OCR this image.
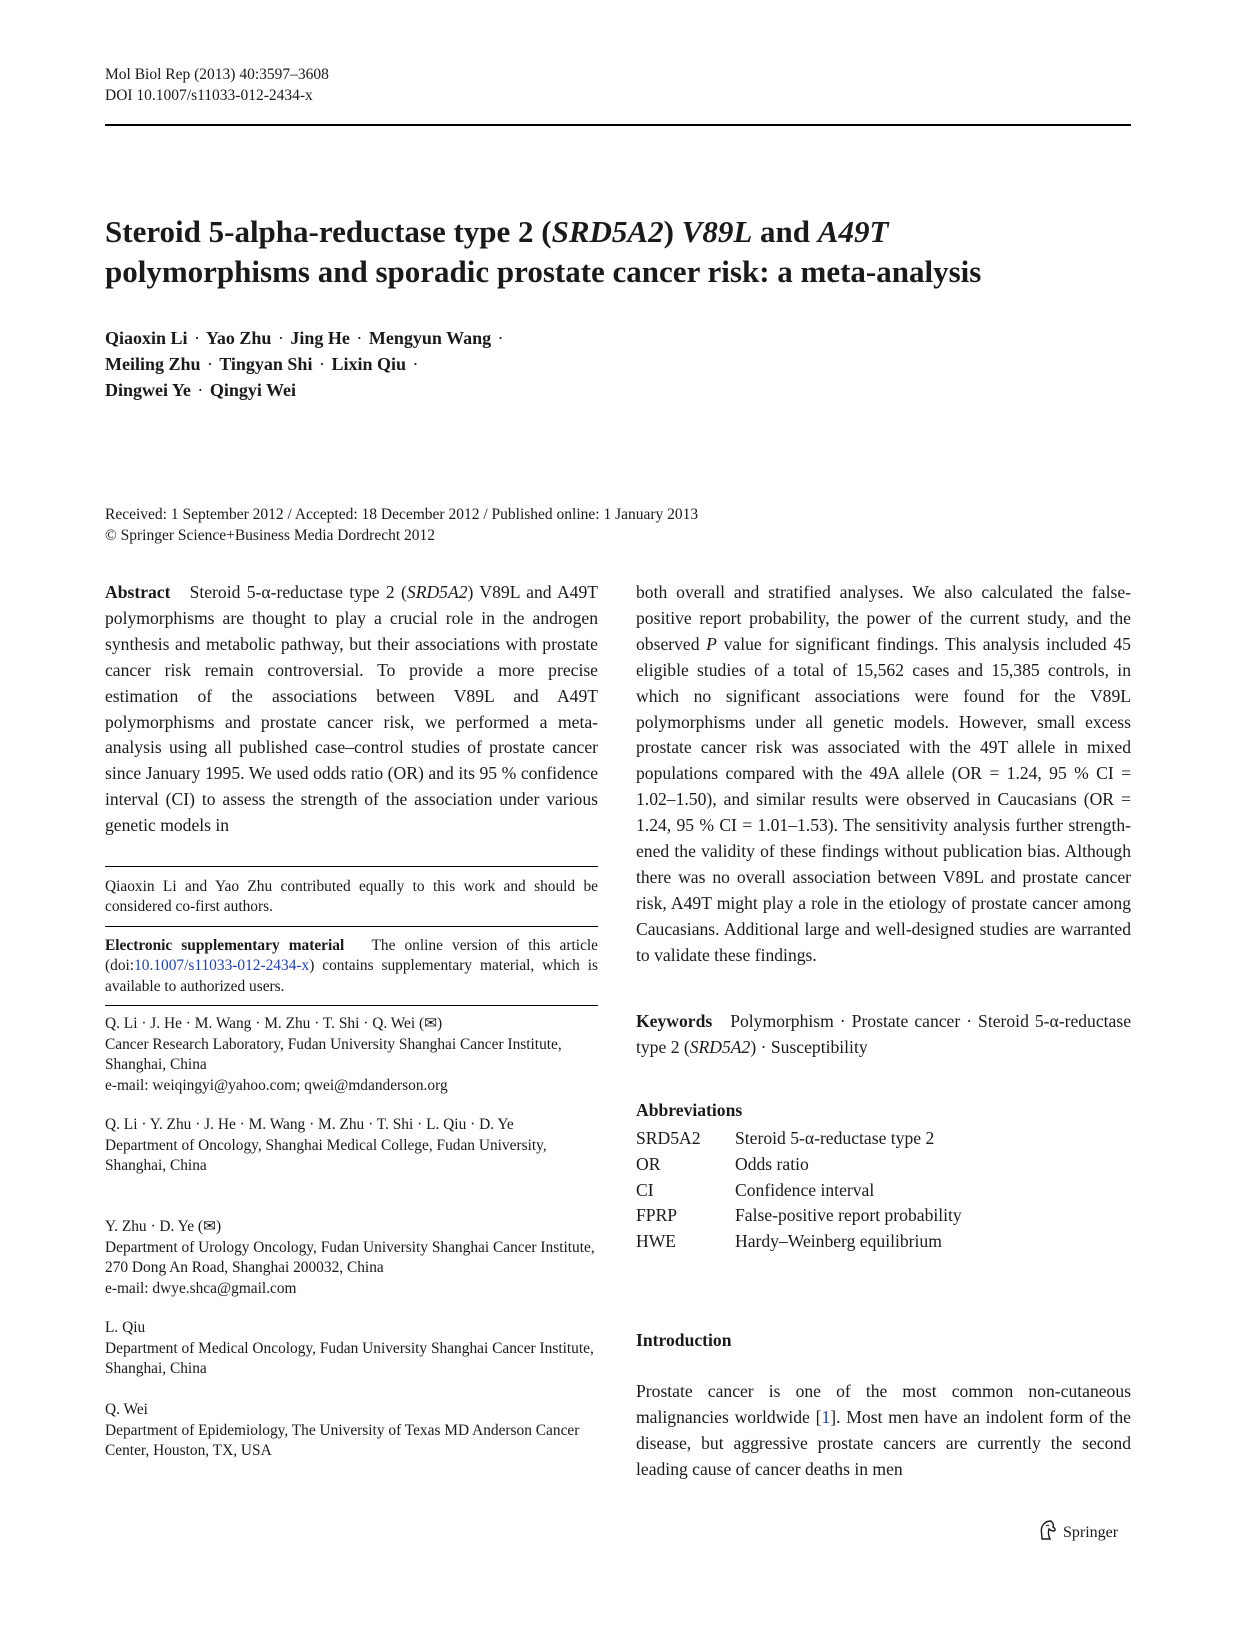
Mol Biol Rep (2013) 40:3597–3608
DOI 10.1007/s11033-012-2434-x
Steroid 5-alpha-reductase type 2 (SRD5A2) V89L and A49T
polymorphisms and sporadic prostate cancer risk: a meta-analysis
Qiaoxin Li · Yao Zhu · Jing He · Mengyun Wang ·
Meiling Zhu · Tingyan Shi · Lixin Qiu ·
Dingwei Ye · Qingyi Wei
Received: 1 September 2012 / Accepted: 18 December 2012 / Published online: 1 January 2013
© Springer Science+Business Media Dordrecht 2012
Abstract Steroid 5-α-reductase type 2 (SRD5A2) V89L and A49T polymorphisms are thought to play a crucial role in the androgen synthesis and metabolic pathway, but their associations with prostate cancer risk remain controversial. To provide a more precise estimation of the associations between V89L and A49T polymorphisms and prostate cancer risk, we performed a meta-analysis using all published case–control studies of prostate cancer since January 1995. We used odds ratio (OR) and its 95 % confidence interval (CI) to assess the strength of the association under various genetic models in
Qiaoxin Li and Yao Zhu contributed equally to this work and should be considered co-first authors.
Electronic supplementary material The online version of this article (doi:10.1007/s11033-012-2434-x) contains supplementary material, which is available to authorized users.
Q. Li · J. He · M. Wang · M. Zhu · T. Shi · Q. Wei (✉)
Cancer Research Laboratory, Fudan University Shanghai Cancer Institute, Shanghai, China
e-mail: weiqingyi@yahoo.com; qwei@mdanderson.org
Q. Li · Y. Zhu · J. He · M. Wang · M. Zhu · T. Shi · L. Qiu · D. Ye
Department of Oncology, Shanghai Medical College, Fudan University, Shanghai, China
Y. Zhu · D. Ye (✉)
Department of Urology Oncology, Fudan University Shanghai Cancer Institute, 270 Dong An Road, Shanghai 200032, China
e-mail: dwye.shca@gmail.com
L. Qiu
Department of Medical Oncology, Fudan University Shanghai Cancer Institute, Shanghai, China
Q. Wei
Department of Epidemiology, The University of Texas MD Anderson Cancer Center, Houston, TX, USA
both overall and stratified analyses. We also calculated the false-positive report probability, the power of the current study, and the observed P value for significant findings. This analysis included 45 eligible studies of a total of 15,562 cases and 15,385 controls, in which no significant associations were found for the V89L polymorphisms under all genetic models. However, small excess prostate cancer risk was associated with the 49T allele in mixed populations compared with the 49A allele (OR = 1.24, 95 % CI = 1.02–1.50), and similar results were observed in Caucasians (OR = 1.24, 95 % CI = 1.01–1.53). The sensitivity analysis further strengthened the validity of these findings without publication bias. Although there was no overall association between V89L and prostate cancer risk, A49T might play a role in the etiology of prostate cancer among Caucasians. Additional large and well-designed studies are warranted to validate these findings.
Keywords Polymorphism · Prostate cancer · Steroid 5-α-reductase type 2 (SRD5A2) · Susceptibility
Abbreviations
SRD5A2	Steroid 5-α-reductase type 2
OR	Odds ratio
CI	Confidence interval
FPRP	False-positive report probability
HWE	Hardy–Weinberg equilibrium
Introduction
Prostate cancer is one of the most common non-cutaneous malignancies worldwide [1]. Most men have an indolent form of the disease, but aggressive prostate cancers are currently the second leading cause of cancer deaths in men
Springer
